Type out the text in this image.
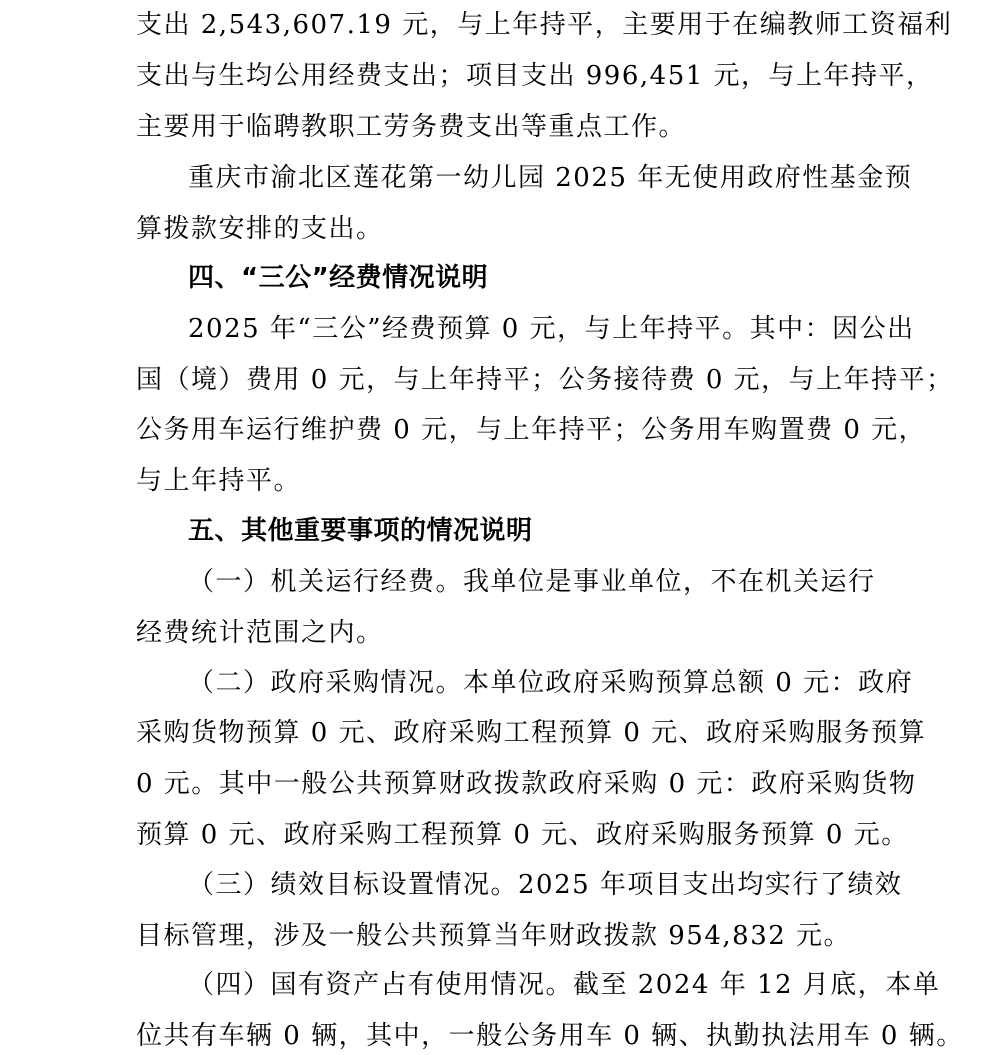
支出 2,543,607.19 元，与上年持平，主要用于在编教师工资福利
支出与生均公用经费支出；项目支出 996,451 元，与上年持平，
主要用于临聘教职工劳务费支出等重点工作。
重庆市渝北区莲花第一幼儿园 2025 年无使用政府性基金预
算拨款安排的支出。
四、“三公”经费情况说明
2025 年“三公”经费预算 0 元，与上年持平。其中：因公出
国（境）费用 0 元，与上年持平；公务接待费 0 元，与上年持平；
公务用车运行维护费 0 元，与上年持平；公务用车购置费 0 元，
与上年持平。
五、其他重要事项的情况说明
（一）机关运行经费。我单位是事业单位，不在机关运行
经费统计范围之内。
（二）政府采购情况。本单位政府采购预算总额 0 元：政府
采购货物预算 0 元、政府采购工程预算 0 元、政府采购服务预算
0 元。其中一般公共预算财政拨款政府采购 0 元：政府采购货物
预算 0 元、政府采购工程预算 0 元、政府采购服务预算 0 元。
（三）绩效目标设置情况。2025 年项目支出均实行了绩效
目标管理，涉及一般公共预算当年财政拨款 954,832 元。
（四）国有资产占有使用情况。截至 2024 年 12 月底，本单
位共有车辆 0 辆，其中，一般公务用车 0 辆、执勤执法用车 0 辆。
